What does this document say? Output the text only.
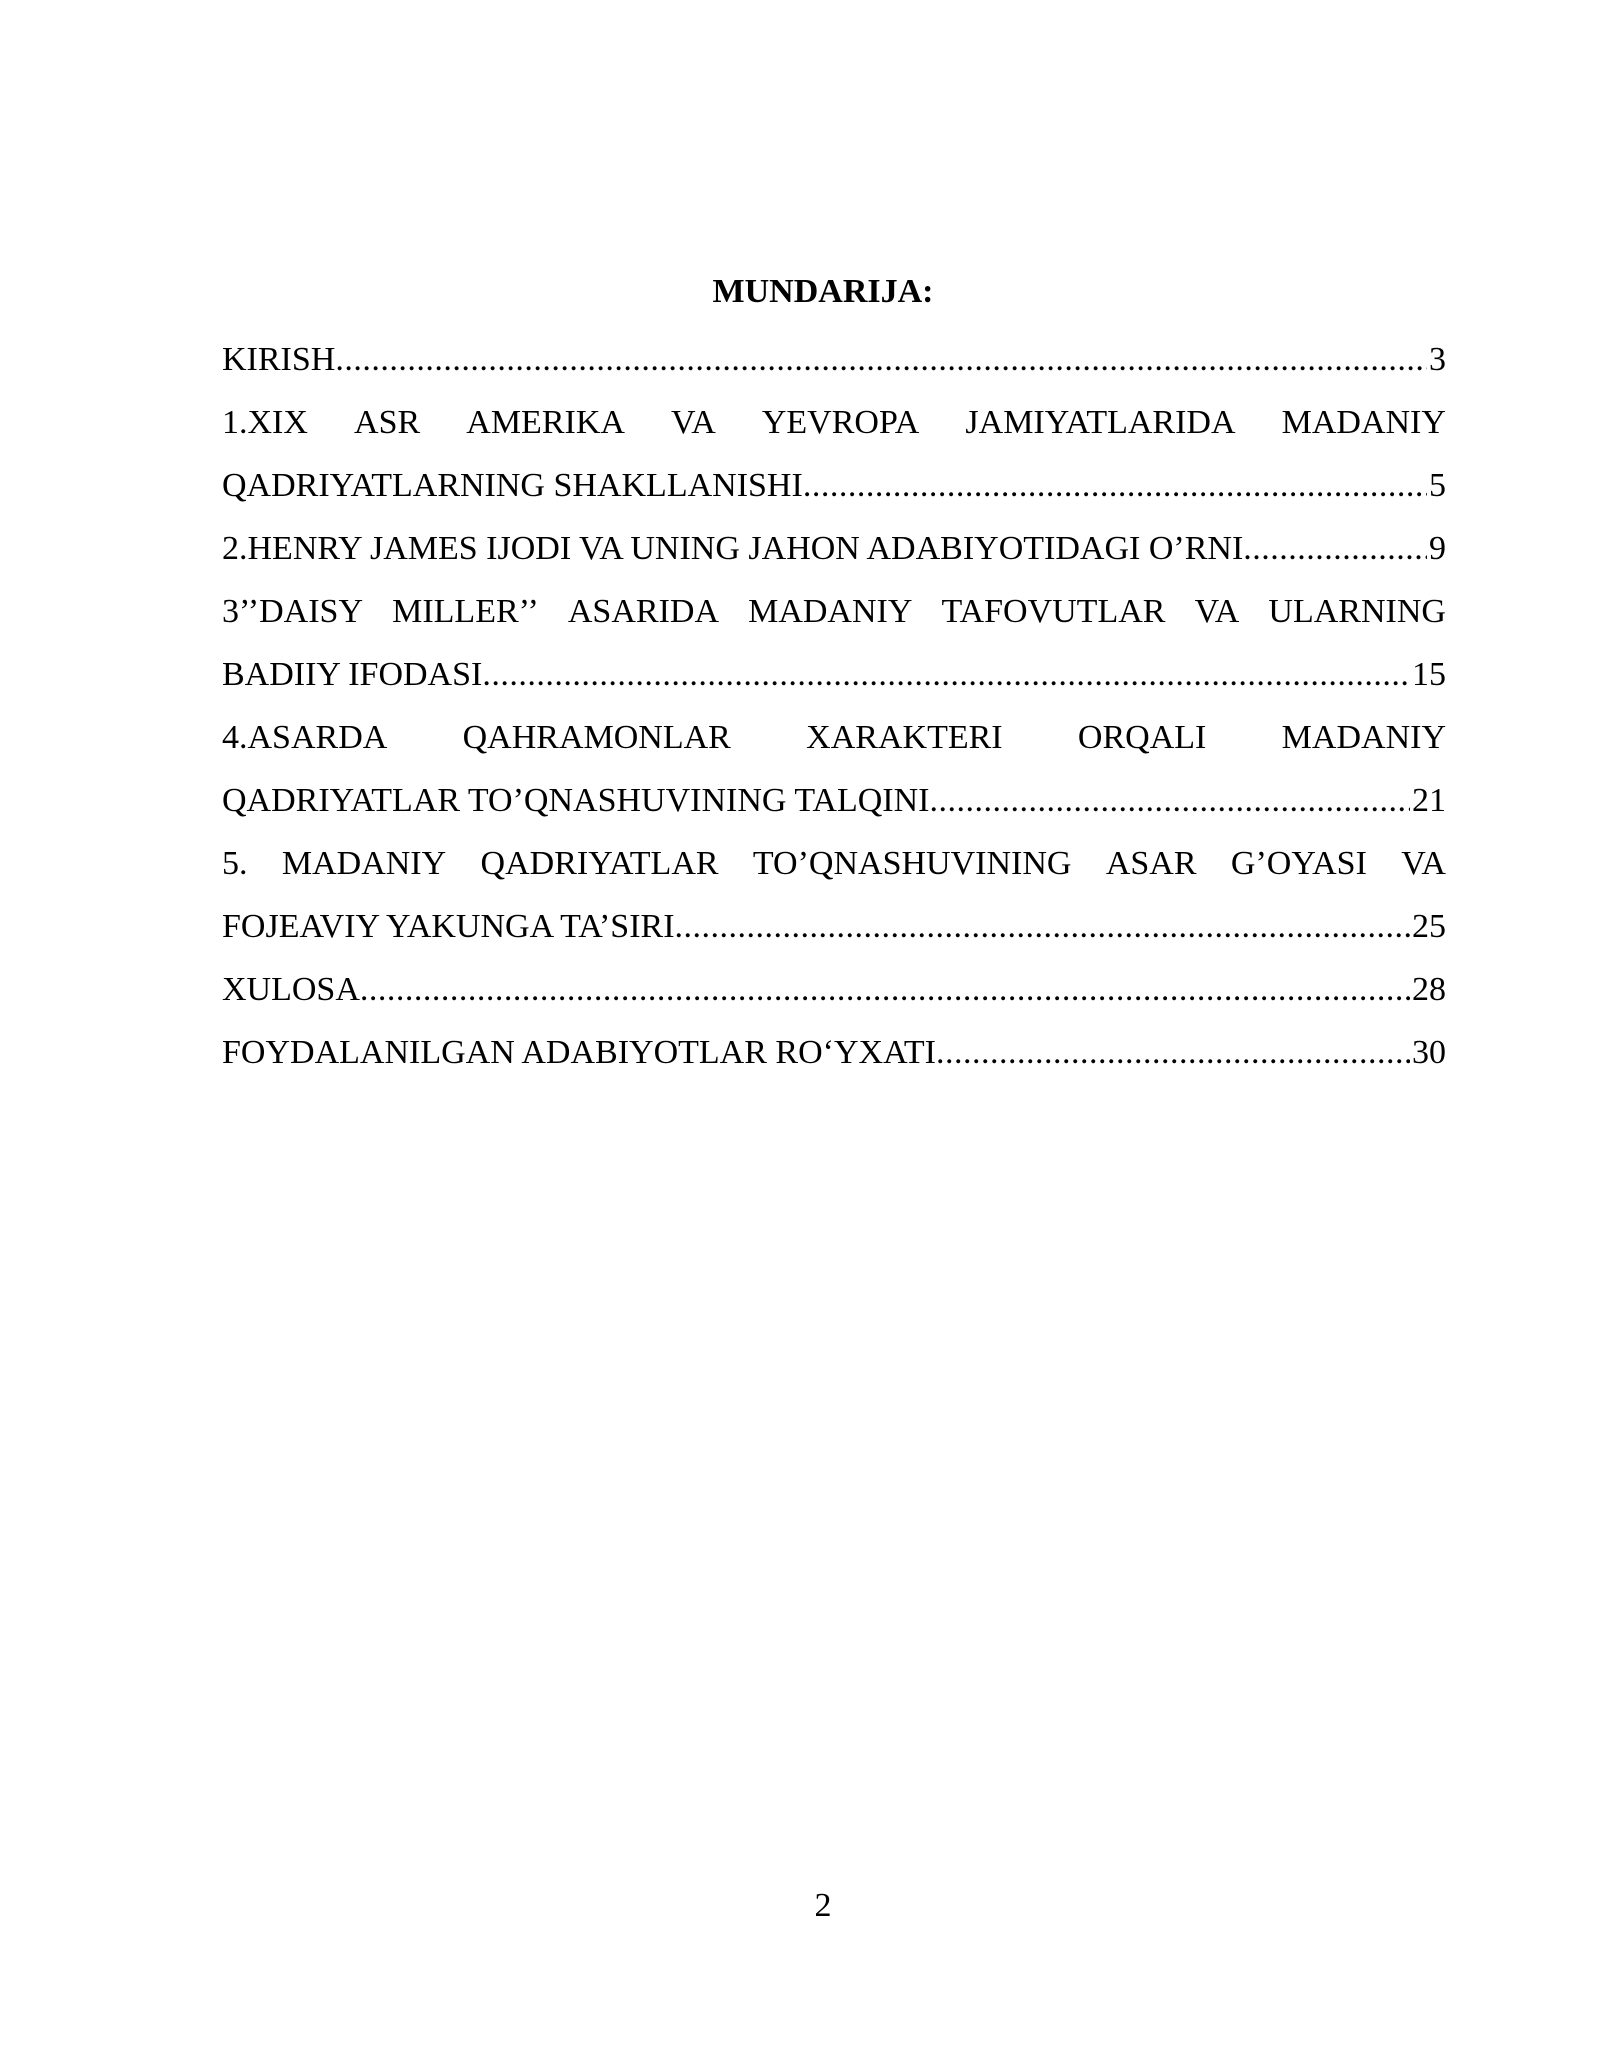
MUNDARIJA:
KIRISH .....	3
1.XIX ASR AMERIKA VA YEVROPA JAMIYATLARIDA MADANIY
QADRIYATLARNING SHAKLLANISHI .....	5
2.HENRY JAMES IJODI VA UNING JAHON ADABIYOTIDAGI O’RNI .....	9
3’’DAISY MILLER’’ ASARIDA MADANIY TAFOVUTLAR VA ULARNING
BADIIY IFODASI .....	15
4.ASARDA QAHRAMONLAR XARAKTERI ORQALI MADANIY
QADRIYATLAR TO’QNASHUVINING TALQINI .....	21
5. MADANIY QADRIYATLAR TO’QNASHUVINING ASAR G’OYASI VA
FOJEAVIY YAKUNGA TA’SIRI .....	25
XULOSA .....	28
FOYDALANILGAN ADABIYOTLAR RO‘YXATI .....	30
2
